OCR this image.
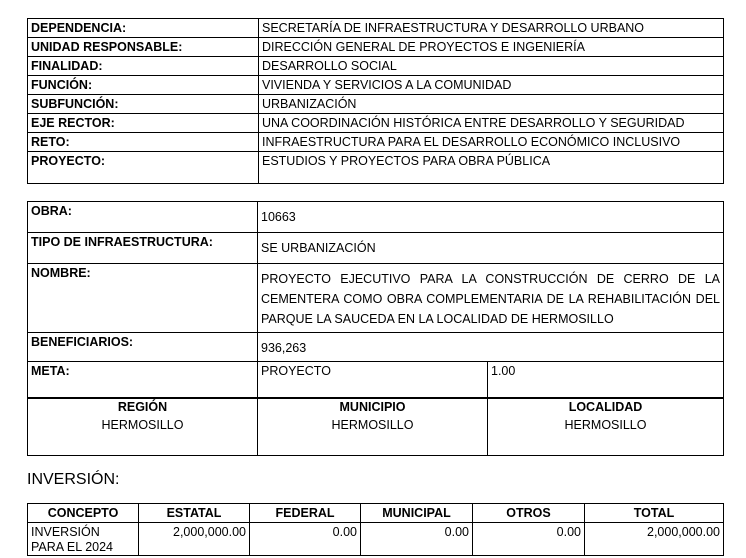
DEPENDENCIA:	SECRETARÍA DE INFRAESTRUCTURA Y DESARROLLO URBANO
UNIDAD RESPONSABLE:	DIRECCIÓN GENERAL DE PROYECTOS E INGENIERÍA
FINALIDAD:	DESARROLLO SOCIAL
FUNCIÓN:	VIVIENDA Y SERVICIOS A LA COMUNIDAD
SUBFUNCIÓN:	URBANIZACIÓN
EJE RECTOR:	UNA COORDINACIÓN HISTÓRICA ENTRE DESARROLLO Y SEGURIDAD
RETO:	INFRAESTRUCTURA PARA EL DESARROLLO ECONÓMICO INCLUSIVO
PROYECTO:	ESTUDIOS Y PROYECTOS PARA OBRA PÚBLICA
OBRA:	10663	
TIPO DE INFRAESTRUCTURA:	SE URBANIZACIÓN	
NOMBRE:	PROYECTO EJECUTIVO PARA LA CONSTRUCCIÓN DE CERRO DE LA CEMENTERA COMO OBRA COMPLEMENTARIA DE LA REHABILITACIÓN DEL PARQUE LA SAUCEDA EN LA LOCALIDAD DE HERMOSILLO	
BENEFICIARIOS:	936,263	
META:	PROYECTO	1.00
REGIÓN	MUNICIPIO	LOCALIDAD
HERMOSILLO	HERMOSILLO	HERMOSILLO
INVERSIÓN:
CONCEPTO	ESTATAL	FEDERAL	MUNICIPAL	OTROS	TOTAL
INVERSIÓN PARA EL 2024	2,000,000.00	0.00	0.00	0.00	2,000,000.00
